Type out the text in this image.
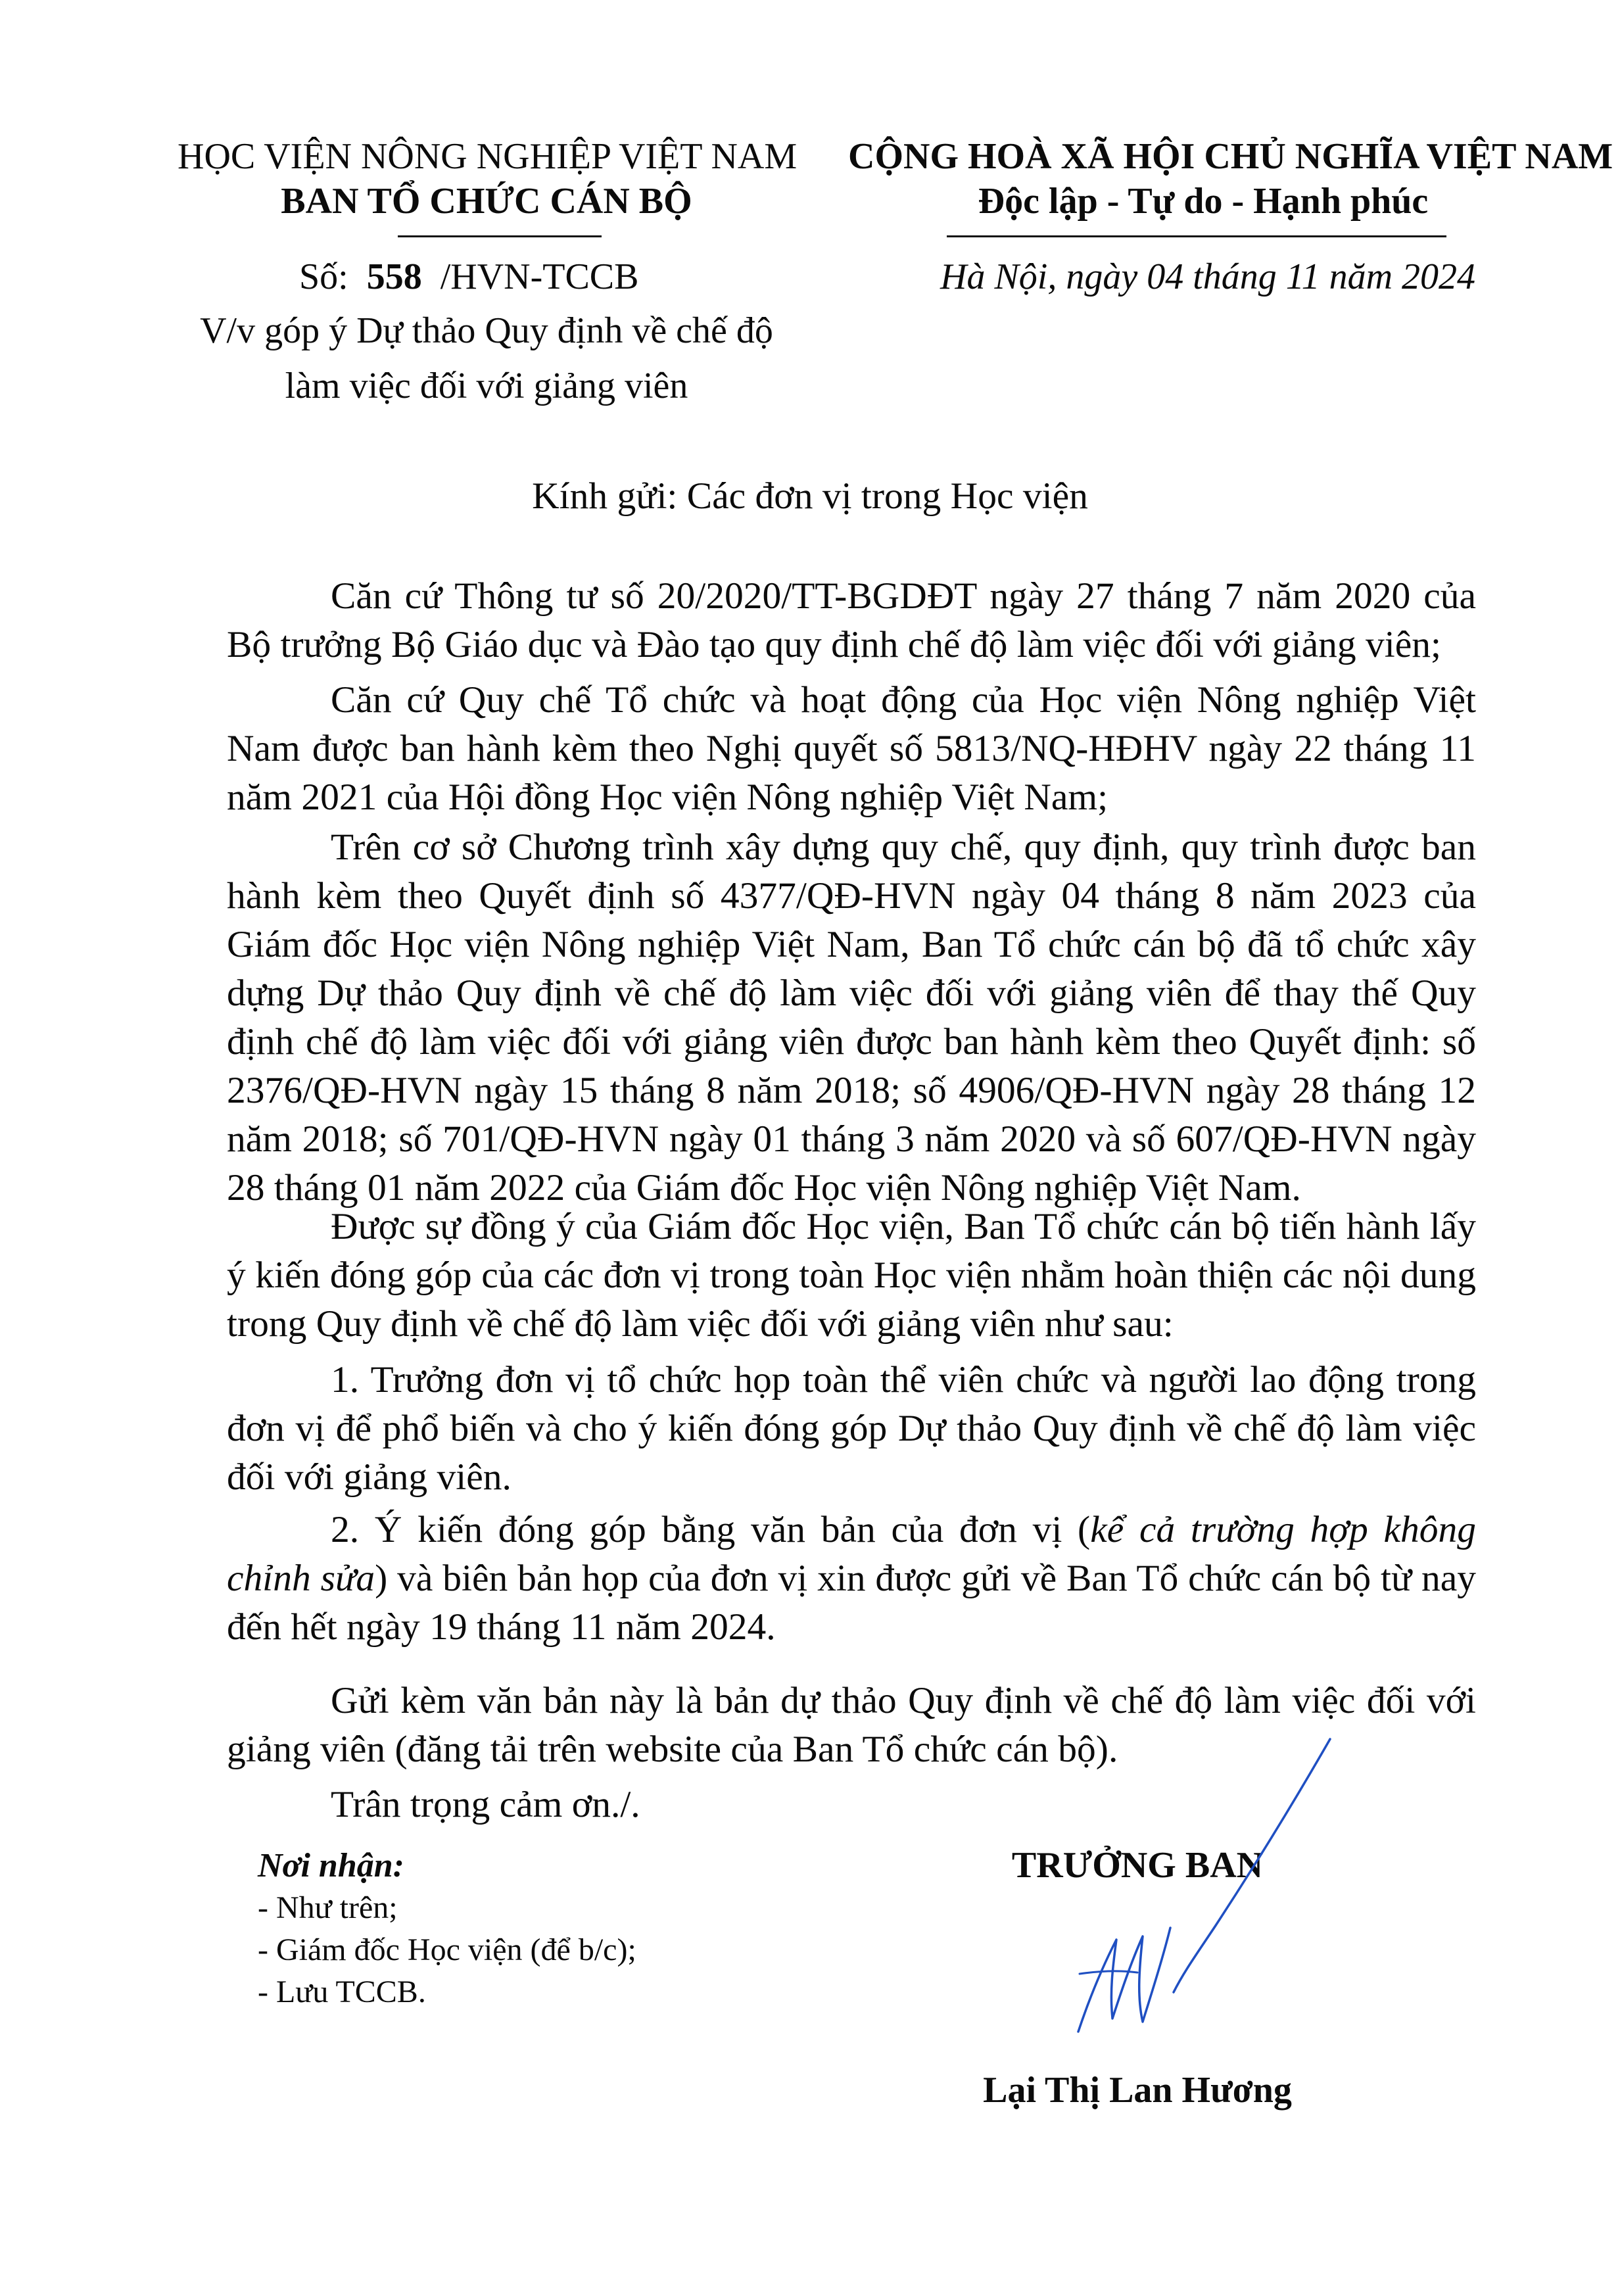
HỌC VIỆN NÔNG NGHIỆP VIỆT NAM
BAN TỔ CHỨC CÁN BỘ
CỘNG HOÀ XÃ HỘI CHỦ NGHĨA VIỆT NAM
Độc lập - Tự do - Hạnh phúc
Số: 558 /HVN-TCCB	Hà Nội, ngày 04 tháng 11 năm 2024
V/v góp ý Dự thảo Quy định về chế độ
làm việc đối với giảng viên
Kính gửi: Các đơn vị trong Học viện
Căn cứ Thông tư số 20/2020/TT-BGDĐT ngày 27 tháng 7 năm 2020 của Bộ trưởng Bộ Giáo dục và Đào tạo quy định chế độ làm việc đối với giảng viên;
Căn cứ Quy chế Tổ chức và hoạt động của Học viện Nông nghiệp Việt Nam được ban hành kèm theo Nghị quyết số 5813/NQ-HĐHV ngày 22 tháng 11 năm 2021 của Hội đồng Học viện Nông nghiệp Việt Nam;
Trên cơ sở Chương trình xây dựng quy chế, quy định, quy trình được ban hành kèm theo Quyết định số 4377/QĐ-HVN ngày 04 tháng 8 năm 2023 của Giám đốc Học viện Nông nghiệp Việt Nam, Ban Tổ chức cán bộ đã tổ chức xây dựng Dự thảo Quy định về chế độ làm việc đối với giảng viên để thay thế Quy định chế độ làm việc đối với giảng viên được ban hành kèm theo Quyết định: số 2376/QĐ-HVN ngày 15 tháng 8 năm 2018; số 4906/QĐ-HVN ngày 28 tháng 12 năm 2018; số 701/QĐ-HVN ngày 01 tháng 3 năm 2020 và số 607/QĐ-HVN ngày 28 tháng 01 năm 2022 của Giám đốc Học viện Nông nghiệp Việt Nam.
Được sự đồng ý của Giám đốc Học viện, Ban Tổ chức cán bộ tiến hành lấy ý kiến đóng góp của các đơn vị trong toàn Học viện nhằm hoàn thiện các nội dung trong Quy định về chế độ làm việc đối với giảng viên như sau:
1. Trưởng đơn vị tổ chức họp toàn thể viên chức và người lao động trong đơn vị để phổ biến và cho ý kiến đóng góp Dự thảo Quy định về chế độ làm việc đối với giảng viên.
2. Ý kiến đóng góp bằng văn bản của đơn vị (kể cả trường hợp không chỉnh sửa) và biên bản họp của đơn vị xin được gửi về Ban Tổ chức cán bộ từ nay đến hết ngày 19 tháng 11 năm 2024.
Gửi kèm văn bản này là bản dự thảo Quy định về chế độ làm việc đối với giảng viên (đăng tải trên website của Ban Tổ chức cán bộ).
Trân trọng cảm ơn./.
Nơi nhận:
- Như trên;
- Giám đốc Học viện (để b/c);
- Lưu TCCB.
TRƯỞNG BAN
Lại Thị Lan Hương
